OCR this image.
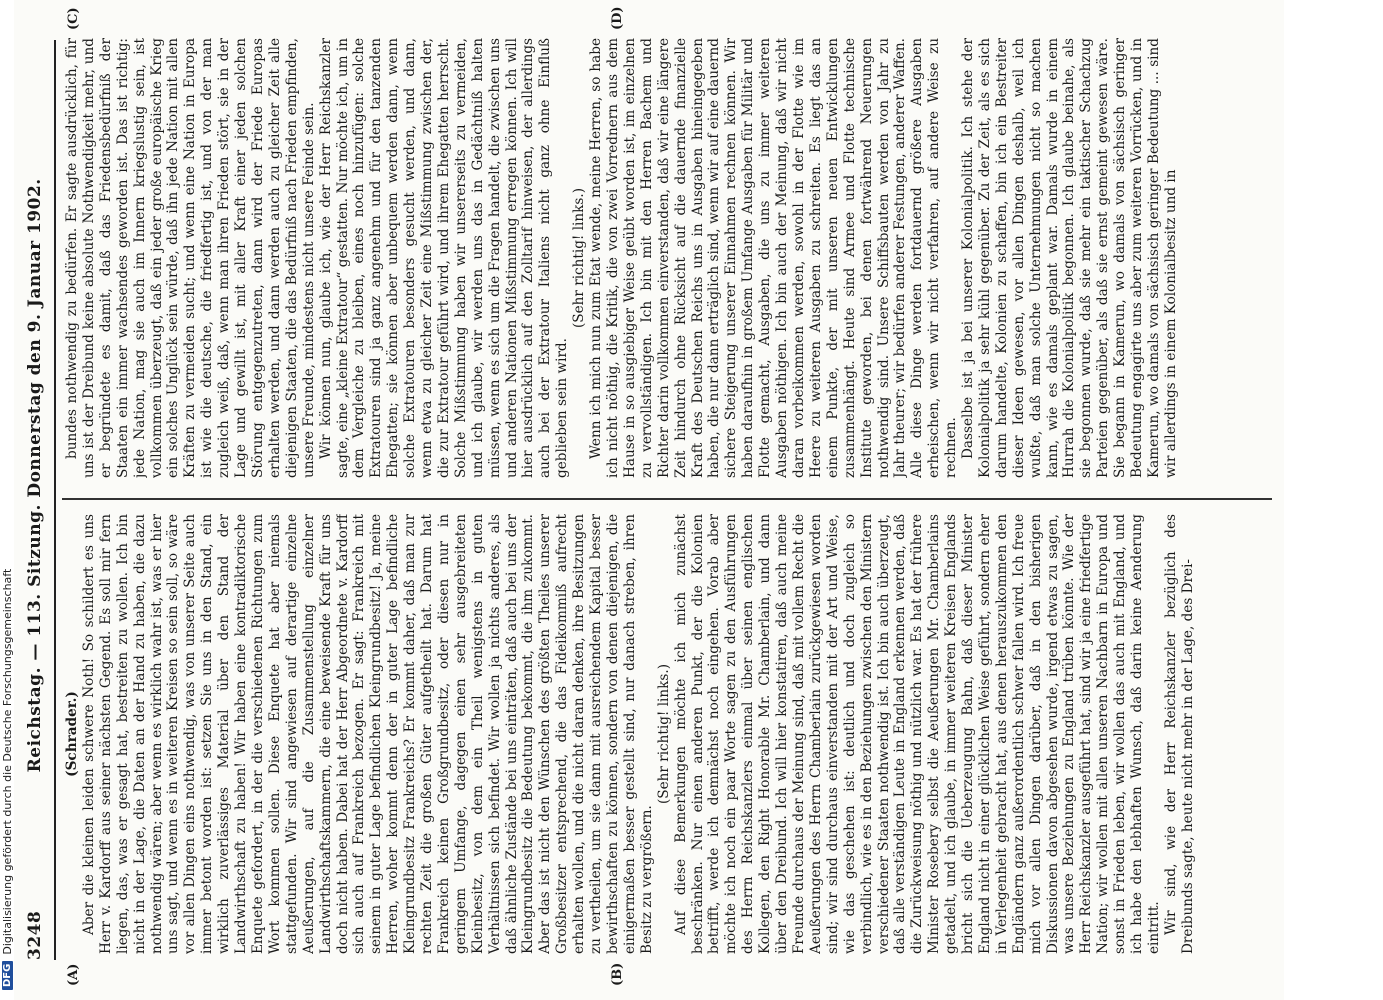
3248
Reichstag. — 113. Sitzung. Donnerstag den 9. Januar 1902.
(A)	(B)
(C)	(D)

(Schrader.) Aber die kleinen leiden schwere Noth! So schildert es uns Herr v. Kardorff aus seiner nächsten Gegend. Es soll mir fern liegen, das, was er gesagt hat, bestreiten zu wollen. Ich bin nicht in der Lage, die Daten an der Hand zu haben, die dazu nothwendig wären; aber wenn es wirklich wahr ist, was er hier uns sagt, und wenn es in weiteren Kreisen so sein soll, so wäre vor allen Dingen eins nothwendig, was von unserer Seite auch immer betont worden ist: setzen Sie uns in den Stand, ein wirklich zuverlässiges Material über den Stand der Landwirthschaft zu haben! Wir haben eine kontradiktorische Enquete gefordert, in der die verschiedenen Richtungen zum Wort kommen sollen. Diese Enquete hat aber niemals stattgefunden. Wir sind angewiesen auf derartige einzelne Aeußerungen, auf die Zusammenstellung einzelner Landwirthschaftskammern, die eine beweisende Kraft für uns doch nicht haben. Dabei hat der Herr Abgeordnete v. Kardorff sich auch auf Frankreich bezogen. Er sagt: Frankreich mit seinem in guter Lage befindlichen Kleingrundbesitz! Ja, meine Herren, woher kommt denn der in guter Lage befindliche Kleingrundbesitz Frankreichs? Er kommt daher, daß man zur rechten Zeit die großen Güter aufgetheilt hat. Darum hat Frankreich keinen Großgrundbesitz, oder diesen nur in geringem Umfange, dagegen einen sehr ausgebreiteten Kleinbesitz, von dem ein Theil wenigstens in guten Verhältnissen sich befindet. Wir wollen ja nichts anderes, als daß ähnliche Zustände bei uns einträten, daß auch bei uns der Kleingrundbesitz die Bedeutung bekommt, die ihm zukommt. Aber das ist nicht den Wünschen des größten Theiles unserer Großbesitzer entsprechend, die das Fideikommiß aufrecht erhalten wollen, und die nicht daran denken, ihre Besitzungen zu vertheilen, um sie dann mit ausreichendem Kapital besser bewirthschaften zu können, sondern von denen diejenigen, die einigermaßen besser gestellt sind, nur danach streben, ihren Besitz zu vergrößern.

(Sehr richtig! links.) Auf diese Bemerkungen möchte ich mich zunächst beschränken. Nur einen anderen Punkt, der die Kolonien betrifft, werde ich demnächst noch eingehen. Vorab aber möchte ich noch ein paar Worte sagen zu den Ausführungen des Herrn Reichskanzlers einmal über seinen englischen Kollegen, den Right Honorable Mr. Chamberlain, und dann über den Dreibund. Ich will hier konstatiren, daß auch meine Freunde durchaus der Meinung sind, daß mit vollem Recht die Aeußerungen des Herrn Chamberlain zurückgewiesen worden sind; wir sind durchaus einverstanden mit der Art und Weise, wie das geschehen ist: deutlich und doch zugleich so verbindlich, wie es in den Beziehungen zwischen den Ministern verschiedener Staaten nothwendig ist. Ich bin auch überzeugt, daß alle verständigen Leute in England erkennen werden, daß die Zurückweisung nöthig und nützlich war. Es hat der frühere Minister Rosebery selbst die Aeußerungen Mr. Chamberlains getadelt, und ich glaube, in immer weiteren Kreisen Englands bricht sich die Ueberzeugung Bahn, daß dieser Minister England nicht in einer glücklichen Weise geführt, sondern eher in Verlegenheit gebracht hat, aus denen herauszukommen den Engländern ganz außerordentlich schwer fallen wird. Ich freue mich vor allen Dingen darüber, daß in den bisherigen Diskussionen davon abgesehen wurde, irgend etwas zu sagen, was unsere Beziehungen zu England trüben könnte. Wie der Herr Reichskanzler ausgeführt hat, sind wir ja eine friedfertige Nation; wir wollen mit allen unseren Nachbarn in Europa und sonst in Frieden leben, wir wollen das auch mit England, und ich habe den lebhaften Wunsch, daß darin keine Aenderung eintritt. Wir sind, wie der Herr Reichskanzler bezüglich des Dreibunds sagte, heute nicht mehr in der Lage, des Drei-

bundes nothwendig zu bedürfen. Er sagte ausdrücklich, für uns ist der Dreibund keine absolute Nothwendigkeit mehr, und er begründete es damit, daß das Friedensbedürfniß der Staaten ein immer wachsendes geworden ist. Das ist richtig: jede Nation, mag sie auch im Innern kriegslustig sein, ist vollkommen überzeugt, daß ein jeder große europäische Krieg ein solches Unglück sein würde, daß ihn jede Nation mit allen Kräften zu vermeiden sucht; und wenn eine Nation in Europa ist wie die deutsche, die friedfertig ist, und von der man zugleich weiß, daß, wenn man ihren Frieden stört, sie in der Lage und gewillt ist, mit aller Kraft einer jeden solchen Störung entgegenzutreten, dann wird der Friede Europas erhalten werden, und dann werden auch zu gleicher Zeit alle diejenigen Staaten, die das Bedürfniß nach Frieden empfinden, unsere Freunde, mindestens nicht unsere Feinde sein. Wir können nun, glaube ich, wie der Herr Reichskanzler sagte, eine „kleine Extratour“ gestatten. Nur möchte ich, um in dem Vergleiche zu bleiben, eines noch hinzufügen: solche Extratouren sind ja ganz angenehm und für den tanzenden Ehegatten; sie können aber unbequem werden dann, wenn solche Extratouren besonders gesucht werden, und dann, wenn etwa zu gleicher Zeit eine Mißstimmung zwischen der, die zur Extratour geführt wird, und ihrem Ehegatten herrscht. Solche Mißstimmung haben wir unsererseits zu vermeiden, und ich glaube, wir werden uns das in Gedächtniß halten müssen, wenn es sich um die Fragen handelt, die zwischen uns und anderen Nationen Mißstimmung erregen können. Ich will hier ausdrücklich auf den Zolltarif hinweisen, der allerdings auch bei der Extratour Italiens nicht ganz ohne Einfluß geblieben sein wird.

(Sehr richtig! links.) Wenn ich mich nun zum Etat wende, meine Herren, so habe ich nicht nöthig, die Kritik, die von zwei Vorrednern aus dem Hause in so ausgiebiger Weise geübt worden ist, im einzelnen zu vervollständigen. Ich bin mit den Herren Bachem und Richter darin vollkommen einverstanden, daß wir eine längere Zeit hindurch ohne Rücksicht auf die dauernde finanzielle Kraft des Deutschen Reichs uns in Ausgaben hineingegeben haben, die nur dann erträglich sind, wenn wir auf eine dauernd sichere Steigerung unserer Einnahmen rechnen können. Wir haben daraufhin in großem Umfange Ausgaben für Militär und Flotte gemacht, Ausgaben, die uns zu immer weiteren Ausgaben nöthigen. Ich bin auch der Meinung, daß wir nicht daran vorbeikommen werden, sowohl in der Flotte wie im Heere zu weiteren Ausgaben zu schreiten. Es liegt das an einem Punkte, der mit unseren neuen Entwicklungen zusammenhängt. Heute sind Armee und Flotte technische Institute geworden, bei denen fortwährend Neuerungen nothwendig sind. Unsere Schiffsbauten werden von Jahr zu Jahr theurer; wir bedürfen anderer Festungen, anderer Waffen. Alle diese Dinge werden fortdauernd größere Ausgaben erheischen, wenn wir nicht verfahren, auf andere Weise zu rechnen. Dasselbe ist ja bei unserer Kolonialpolitik. Ich stehe der Kolonialpolitik ja sehr kühl gegenüber. Zu der Zeit, als es sich darum handelte, Kolonien zu schaffen, bin ich ein Bestreiter dieser Ideen gewesen, vor allen Dingen deshalb, weil ich wußte, daß man solche Unternehmungen nicht so machen kann, wie es damals geplant war. Damals wurde in einem Hurrah die Kolonialpolitik begonnen. Ich glaube beinahe, als sie begonnen wurde, daß sie mehr ein taktischer Schachzug Parteien gegenüber, als daß sie ernst gemeint gewesen wäre. Sie begann in Kamerun, wo damals von sächsisch geringer Bedeutung engagirte uns aber zum weiteren Vorrücken, und in Kamerun, wo damals von sächsisch geringer Bedeutung ... sind wir allerdings in einem Kolonialbesitz und in

DFG
Digitalisierung gefördert durch die Deutsche Forschungsgemeinschaft
